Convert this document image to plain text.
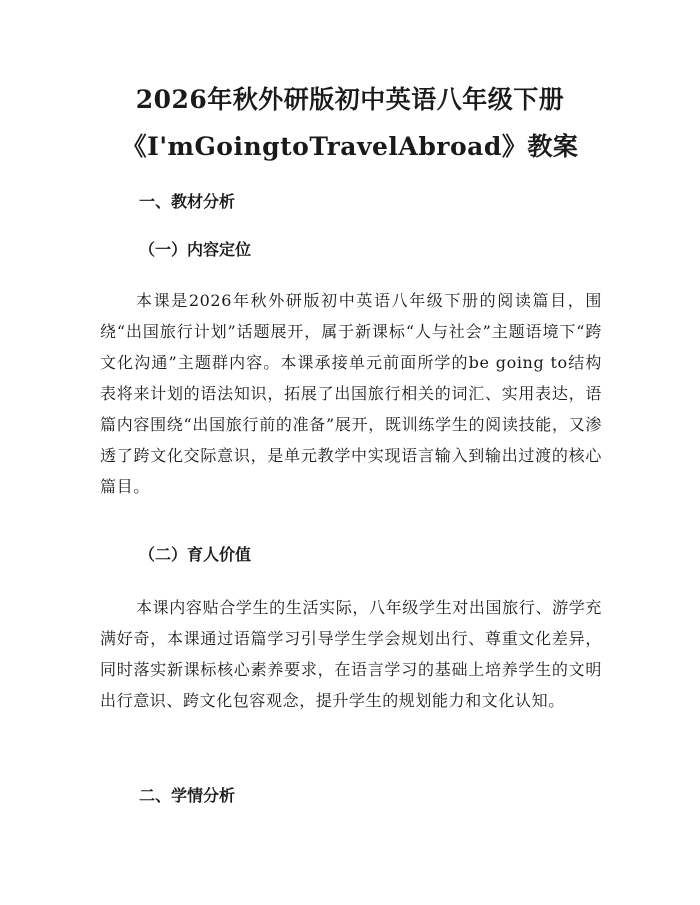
2026年秋外研版初中英语八年级下册
《I'mGoingtoTravelAbroad》教案
一、教材分析
（一）内容定位

本课是2026年秋外研版初中英语八年级下册的阅读篇目，围绕“出国旅行计划”话题展开，属于新课标“人与社会”主题语境下“跨文化沟通”主题群内容。本课承接单元前面所学的be going to结构表将来计划的语法知识，拓展了出国旅行相关的词汇、实用表达，语篇内容围绕“出国旅行前的准备”展开，既训练学生的阅读技能，又渗透了跨文化交际意识，是单元教学中实现语言输入到输出过渡的核心篇目。

（二）育人价值

本课内容贴合学生的生活实际，八年级学生对出国旅行、游学充满好奇，本课通过语篇学习引导学生学会规划出行、尊重文化差异，同时落实新课标核心素养要求，在语言学习的基础上培养学生的文明出行意识、跨文化包容观念，提升学生的规划能力和文化认知。

二、学情分析
